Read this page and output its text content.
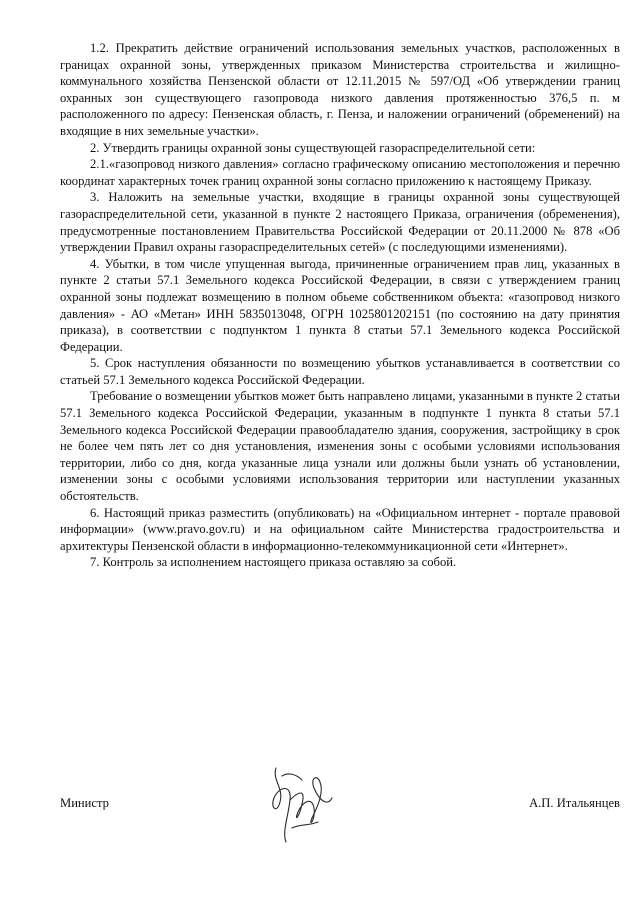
1.2. Прекратить действие ограничений использования земельных участков, расположенных в границах охранной зоны, утвержденных приказом Министерства строительства и жилищно-коммунального хозяйства Пензенской области от 12.11.2015 № 597/ОД «Об утверждении границ охранных зон существующего газопровода низкого давления протяженностью 376,5 п. м расположенного по адресу: Пензенская область, г. Пенза, и наложении ограничений (обременений) на входящие в них земельные участки».

2. Утвердить границы охранной зоны существующей газораспределительной сети:

2.1.«газопровод низкого давления» согласно графическому описанию местоположения и перечню координат характерных точек границ охранной зоны согласно приложению к настоящему Приказу.

3. Наложить на земельные участки, входящие в границы охранной зоны существующей газораспределительной сети, указанной в пункте 2 настоящего Приказа, ограничения (обременения), предусмотренные постановлением Правительства Российской Федерации от 20.11.2000 № 878 «Об утверждении Правил охраны газораспределительных сетей» (с последующими изменениями).

4. Убытки, в том числе упущенная выгода, причиненные ограничением прав лиц, указанных в пункте 2 статьи 57.1 Земельного кодекса Российской Федерации, в связи с утверждением границ охранной зоны подлежат возмещению в полном обьеме собственником объекта: «газопровод низкого давления» - АО «Метан» ИНН 5835013048, ОГРН 1025801202151 (по состоянию на дату принятия приказа), в соответствии с подпунктом 1 пункта 8 статьи 57.1 Земельного кодекса Российской Федерации.

5. Срок наступления обязанности по возмещению убытков устанавливается в соответствии со статьей 57.1 Земельного кодекса Российской Федерации.

Требование о возмещении убытков может быть направлено лицами, указанными в пункте 2 статьи 57.1 Земельного кодекса Российской Федерации, указанным в подпункте 1 пункта 8 статьи 57.1 Земельного кодекса Российской Федерации правообладателю здания, сооружения, застройщику в срок не более чем пять лет со дня установления, изменения зоны с особыми условиями использования территории, либо со дня, когда указанные лица узнали или должны были узнать об установлении, изменении зоны с особыми условиями использования территории или наступлении указанных обстоятельств.

6. Настоящий приказ разместить (опубликовать) на «Официальном интернет - портале правовой информации» (www.pravo.gov.ru) и на официальном сайте Министерства градостроительства и архитектуры Пензенской области в информационно-телекоммуникационной сети «Интернет».

7. Контроль за исполнением настоящего приказа оставляю за собой.

Министр	А.П. Итальянцев
